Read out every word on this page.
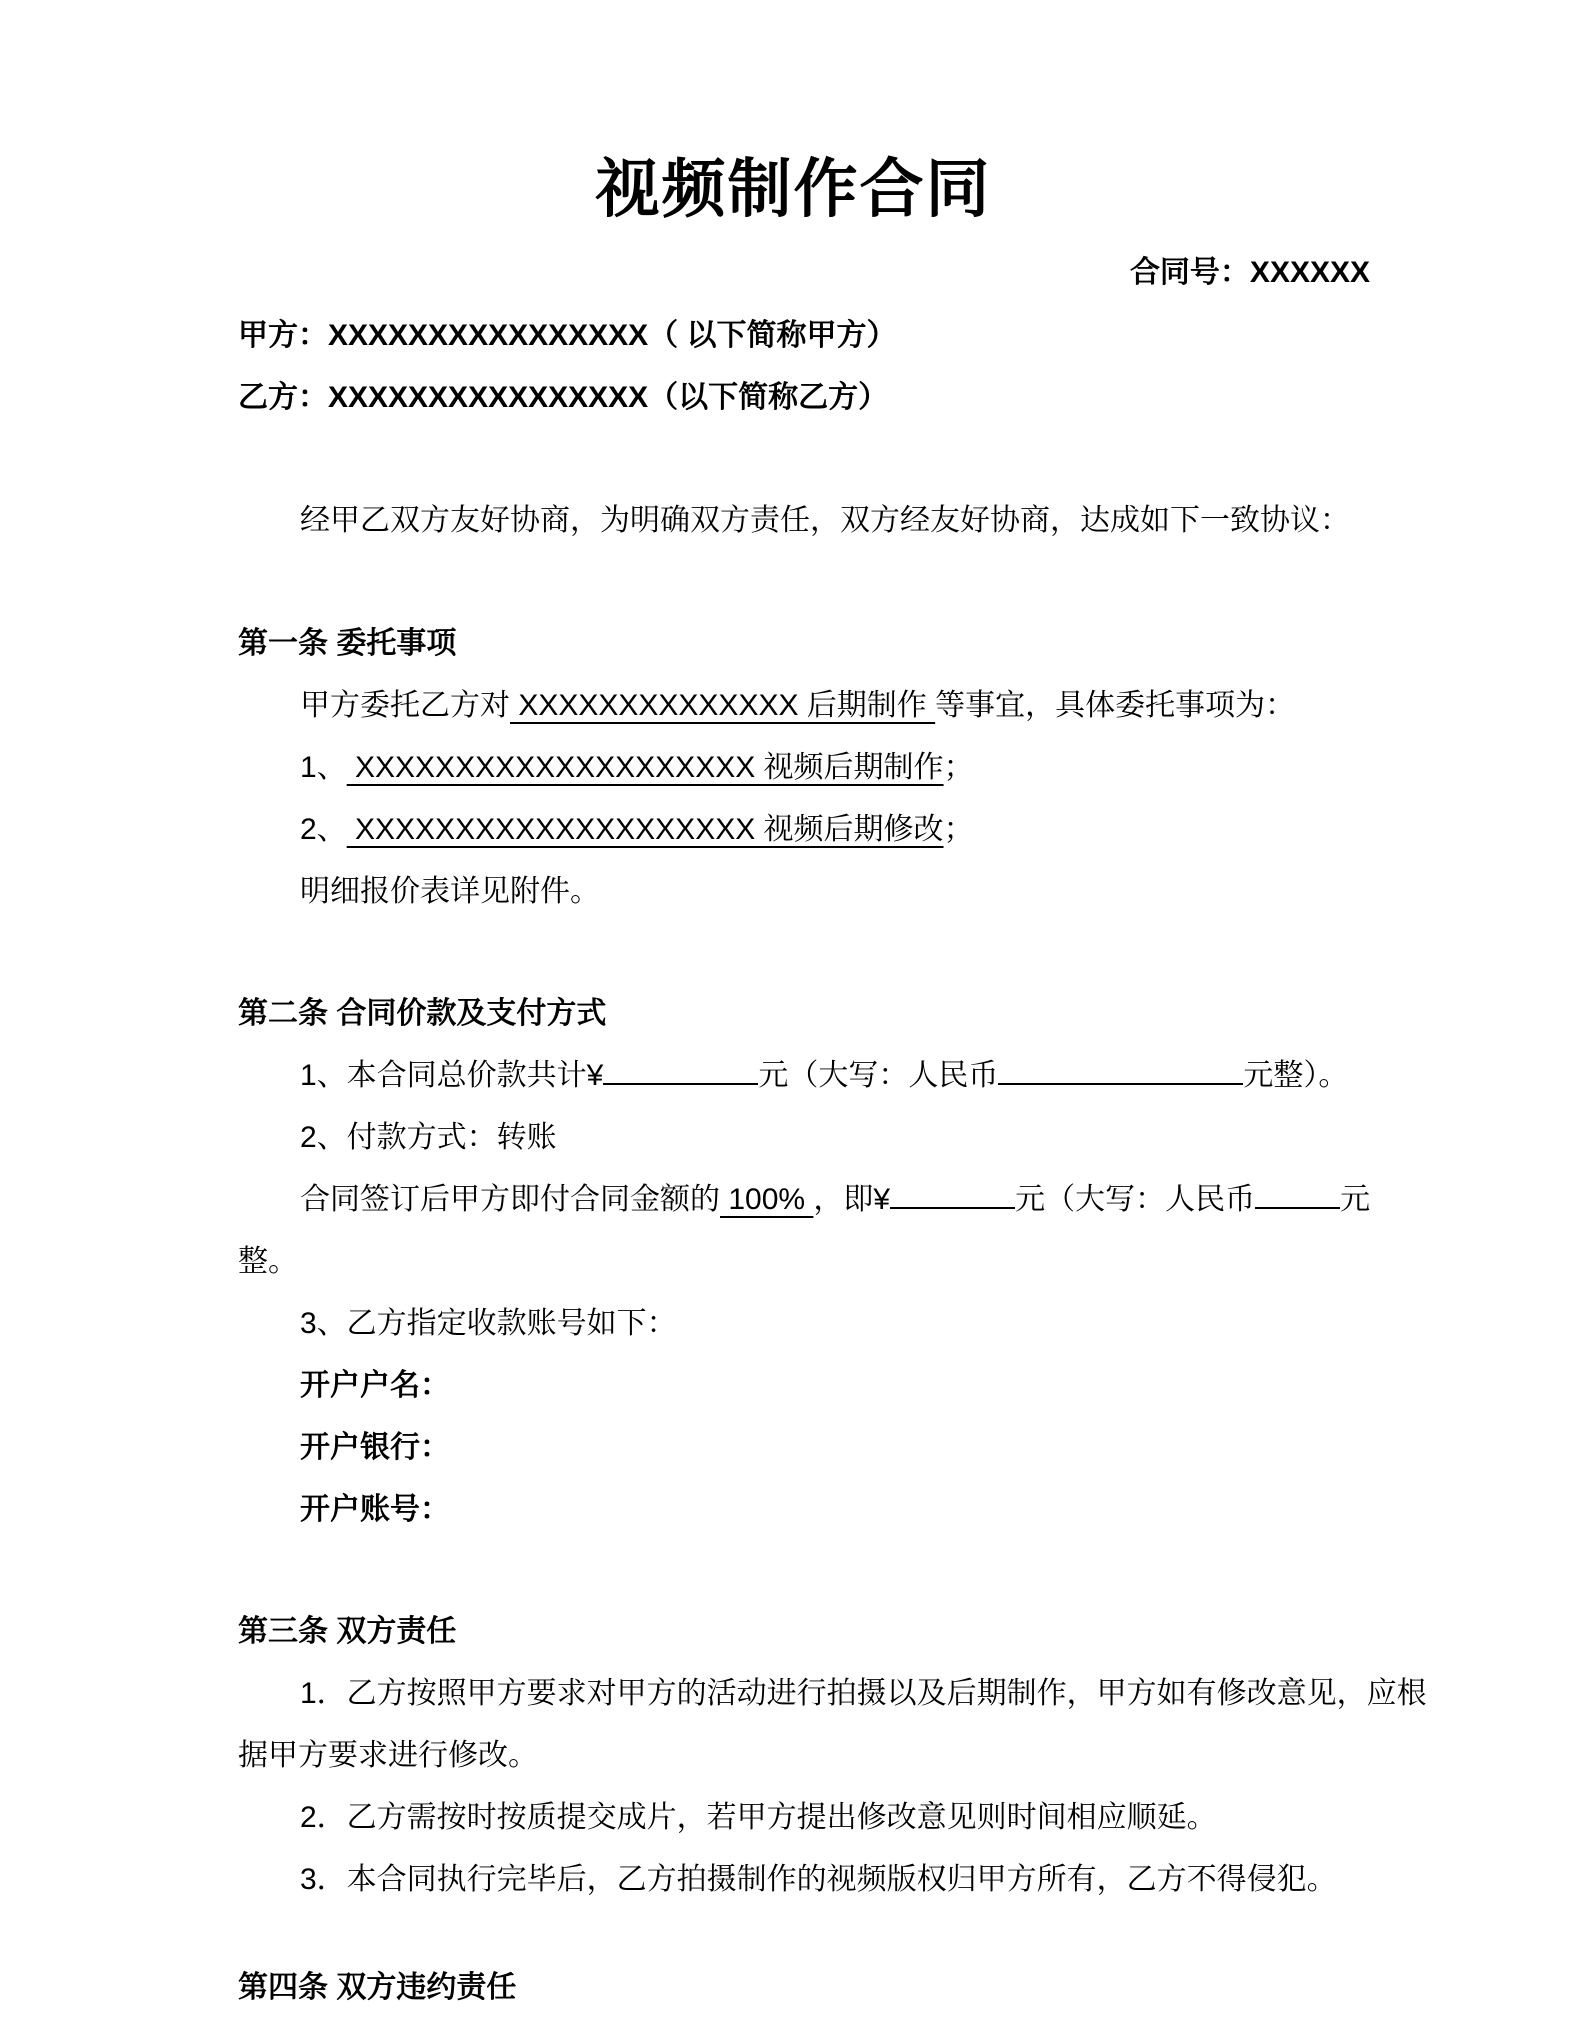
视频制作合同
合同号：XXXXXX
甲方：XXXXXXXXXXXXXXXX（ 以下简称甲方）
乙方：XXXXXXXXXXXXXXXX（以下简称乙方）
经甲乙双方友好协商，为明确双方责任，双方经友好协商，达成如下一致协议：
第一条 委托事项
甲方委托乙方对 XXXXXXXXXXXXXX 后期制作 等事宜，具体委托事项为：
1、 XXXXXXXXXXXXXXXXXXXX 视频后期制作；
2、 XXXXXXXXXXXXXXXXXXXX 视频后期修改；
明细报价表详见附件。
第二条 合同价款及支付方式
1、本合同总价款共计¥	元（大写：人民币	元整）。
2、付款方式：转账
合同签订后甲方即付合同金额的 100% ，即¥	元（大写：人民币	元
整。
3、乙方指定收款账号如下：
开户户名：
开户银行：
开户账号：
第三条 双方责任
1．乙方按照甲方要求对甲方的活动进行拍摄以及后期制作，甲方如有修改意见，应根
据甲方要求进行修改。
2．乙方需按时按质提交成片，若甲方提出修改意见则时间相应顺延。
3．本合同执行完毕后，乙方拍摄制作的视频版权归甲方所有，乙方不得侵犯。
第四条 双方违约责任
